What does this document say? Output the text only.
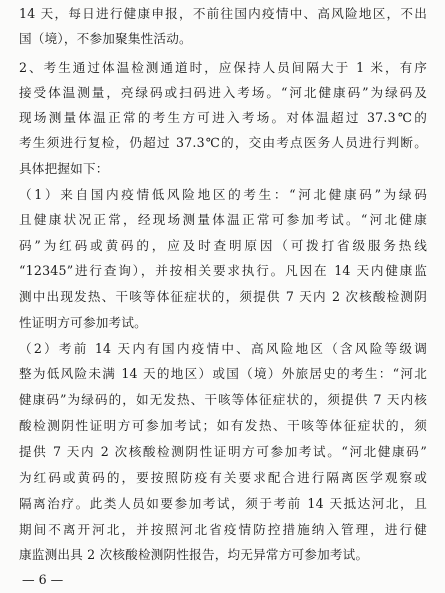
14 天，每日进行健康申报，不前往国内疫情中、高风险地区，不出
国（境），不参加聚集性活动。
2、考生通过体温检测通道时，应保持人员间隔大于 1 米，有序
接受体温测量，亮绿码或扫码进入考场。“河北健康码”为绿码及
现场测量体温正常的考生方可进入考场。对体温超过 37.3℃的
考生须进行复检，仍超过 37.3℃的，交由考点医务人员进行判断。
具体把握如下：
（1）来自国内疫情低风险地区的考生：“河北健康码”为绿码
且健康状况正常，经现场测量体温正常可参加考试。“河北健康
码”为红码或黄码的，应及时查明原因（可拨打省级服务热线
“12345”进行查询），并按相关要求执行。凡因在 14 天内健康监
测中出现发热、干咳等体征症状的，须提供 7 天内 2 次核酸检测阴
性证明方可参加考试。
（2）考前 14 天内有国内疫情中、高风险地区（含风险等级调
整为低风险未满 14 天的地区）或国（境）外旅居史的考生：“河北
健康码”为绿码的，如无发热、干咳等体征症状的，须提供 7 天内核
酸检测阴性证明方可参加考试；如有发热、干咳等体征症状的，须
提供 7 天内 2 次核酸检测阴性证明方可参加考试。“河北健康码”
为红码或黄码的，要按照防疫有关要求配合进行隔离医学观察或
隔离治疗。此类人员如要参加考试，须于考前 14 天抵达河北，且
期间不离开河北，并按照河北省疫情防控措施纳入管理，进行健
康监测出具 2 次核酸检测阴性报告，均无异常方可参加考试。
— 6 —
